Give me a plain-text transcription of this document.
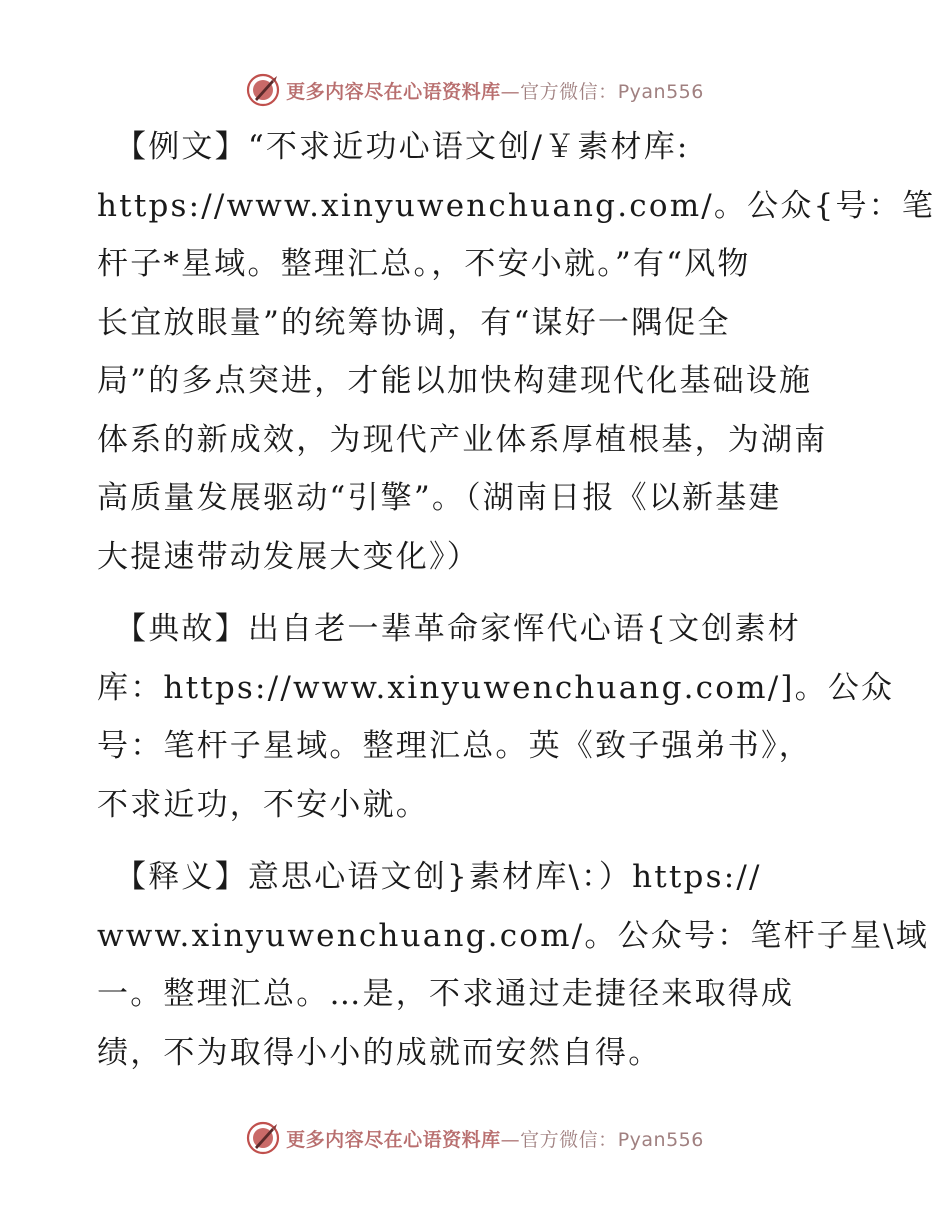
更多内容尽在心语资料库—官方微信：Pyan556
【例文】“不求近功心语文创/￥素材库:
https://www.xinyuwenchuang.com/。公众{号：笔
杆子*星域。整理汇总。，不安小就。”有“风物
长宜放眼量”的统筹协调，有“谋好一隅促全
局”的多点突进，才能以加快构建现代化基础设施
体系的新成效，为现代产业体系厚植根基，为湖南
高质量发展驱动“引擎”。（湖南日报《以新基建
大提速带动发展大变化》）
【典故】出自老一辈革命家恽代心语{文创素材
库：https://www.xinyuwenchuang.com/]。公众
号：笔杆子星域。整理汇总。英《致子强弟书》，
不求近功，不安小就。
【释义】意思心语文创}素材库\：）https://
www.xinyuwenchuang.com/。公众号：笔杆子星\域
一。整理汇总。…是，不求通过走捷径来取得成
绩，不为取得小小的成就而安然自得。
更多内容尽在心语资料库—官方微信：Pyan556
